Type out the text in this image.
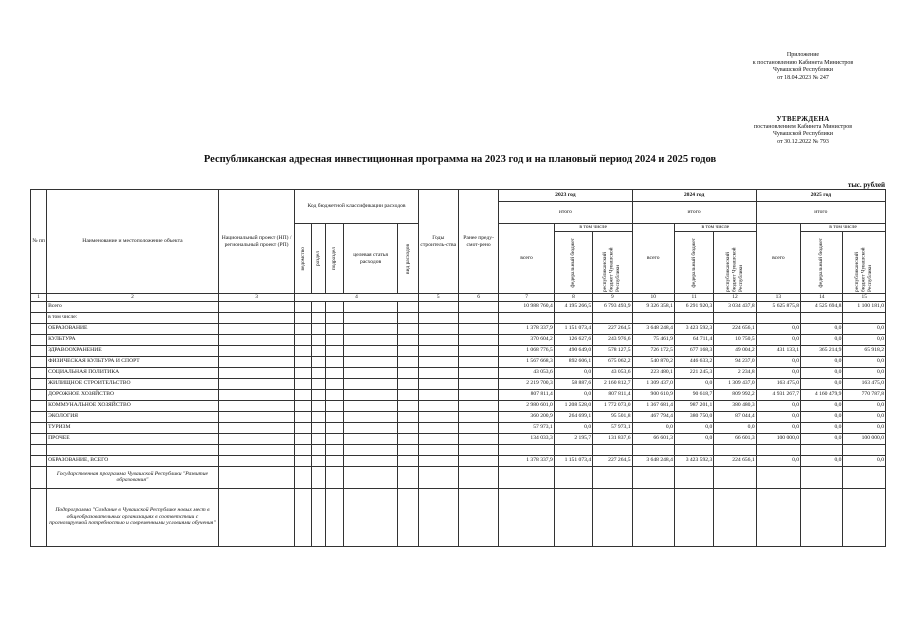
Приложение
к постановлению Кабинета Министров
Чувашской Республики
от 18.04.2023 № 247
УТВЕРЖДЕНА
постановлением Кабинета Министров
Чувашской Республики
от 30.12.2022 № 793
Республиканская адресная инвестиционная программа на 2023 год и на плановый период 2024 и 2025 годов
тыс. рублей
№ пп	Наименование и местоположение объекта	Национальный проект (НП) / региональный проект (РП)	Код бюджетной классификации расходов					Годы строитель-ства	Ранее преду-смот-рено	2023 год			2024 год			2025 год		
										итого			итого			итого		

			ведомство	раздел	подраздел	целевая статья расходов	вид расходов			всего	в том числе		всего	в том числе		всего	в том числе	

											федеральный бюджет	республиканский бюджет Чувашской Республики		федеральный бюджет	республиканский бюджет Чувашской Республики		федеральный бюджет	республиканский бюджет Чувашской Республики

1	2	3	4					5	6	7	8	9	10	11	12	13	14	15
	Всего									10 988 760,4	4 195 266,5	6 793 493,9	9 326 358,1	6 291 920,3	3 034 437,8	5 625 875,8	4 525 694,8	1 100 181,0
	в том числе:																	
	ОБРАЗОВАНИЕ									1 378 337,9	1 151 073,4	227 264,5	3 648 248,4	3 423 592,3	224 656,1	0,0	0,0	0,0
	КУЛЬТУРА									370 604,2	126 627,6	243 976,6	75 461,9	64 711,4	10 750,5	0,0	0,0	0,0
	ЗДРАВООХРАНЕНИЕ									1 068 776,5	490 649,0	578 127,5	726 172,5	677 168,3	49 004,2	431 133,1	365 214,9	65 918,2
	ФИЗИЧЕСКАЯ КУЛЬТУРА И СПОРТ									1 567 668,3	892 606,1	675 062,2	540 870,2	446 633,2	94 237,0	0,0	0,0	0,0
	СОЦИАЛЬНАЯ ПОЛИТИКА									43 053,6	0,0	43 053,6	223 480,1	221 245,3	2 234,8	0,0	0,0	0,0
	ЖИЛИЩНОЕ СТРОИТЕЛЬСТВО									2 219 700,3	58 887,6	2 160 812,7	1 309 437,0	0,0	1 309 437,0	163 475,0	0,0	163 475,0
	ДОРОЖНОЕ ХОЗЯЙСТВО									807 811,4	0,0	807 811,4	900 610,9	90 618,7	809 992,2	4 931 267,7	4 160 479,9	770 787,8
	КОММУНАЛЬНОЕ ХОЗЯЙСТВО									2 980 601,0	1 208 528,0	1 772 073,0	1 367 681,4	987 201,1	380 480,3	0,0	0,0	0,0
	ЭКОЛОГИЯ									360 200,9	264 699,1	95 501,8	467 794,4	380 750,0	87 044,4	0,0	0,0	0,0
	ТУРИЗМ									57 973,1	0,0	57 973,1	0,0	0,0	0,0	0,0	0,0	0,0
	ПРОЧЕЕ									134 033,3	2 195,7	131 837,6	66 601,3	0,0	66 601,3	100 000,0	0,0	100 000,0

	ОБРАЗОВАНИЕ, ВСЕГО									1 378 337,9	1 151 073,4	227 264,5	3 648 248,4	3 423 592,3	224 656,1	0,0	0,0	0,0
	Государственная программа Чувашской Республики "Развитие образования"																	
	Подпрограмма "Создание в Чувашской Республике новых мест в общеобразовательных организациях в соответствии с прогнозируемой потребностью и современными условиями обучения"																	
